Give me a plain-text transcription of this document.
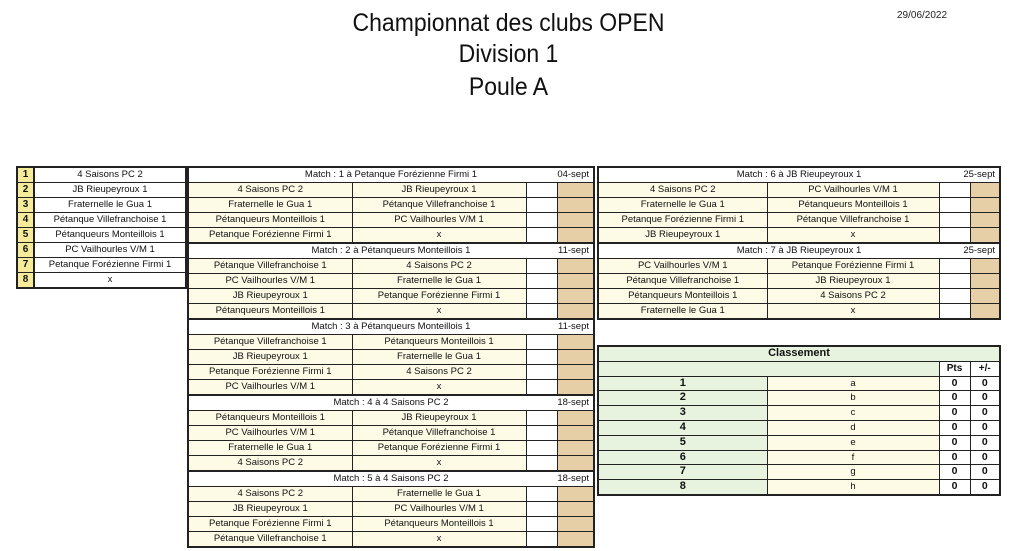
Championnat des clubs OPEN
Division 1
Poule A
29/06/2022
1	4 Saisons PC 2
2	JB Rieupeyroux 1
3	Fraternelle le Gua 1
4	Pétanque Villefranchoise 1
5	Pétanqueurs Monteillois 1
6	PC Vailhourles V/M 1
7	Petanque Forézienne Firmi 1
8	x
Match : 1 à Petanque Forézienne Firmi 1 04-sept			

4 Saisons PC 2	JB Rieupeyroux 1		
Fraternelle le Gua 1	Pétanque Villefranchoise 1		
Pétanqueurs Monteillois 1	PC Vailhourles V/M 1		
Petanque Forézienne Firmi 1	x		
Match : 2 à Pétanqueurs Monteillois 1 11-sept			

Pétanque Villefranchoise 1	4 Saisons PC 2		
PC Vailhourles V/M 1	Fraternelle le Gua 1		
JB Rieupeyroux 1	Petanque Forézienne Firmi 1		
Pétanqueurs Monteillois 1	x		
Match : 3 à Pétanqueurs Monteillois 1 11-sept			

Pétanque Villefranchoise 1	Pétanqueurs Monteillois 1		
JB Rieupeyroux 1	Fraternelle le Gua 1		
Petanque Forézienne Firmi 1	4 Saisons PC 2		
PC Vailhourles V/M 1	x		
Match : 4 à 4 Saisons PC 2 18-sept			

Pétanqueurs Monteillois 1	JB Rieupeyroux 1		
PC Vailhourles V/M 1	Pétanque Villefranchoise 1		
Fraternelle le Gua 1	Petanque Forézienne Firmi 1		
4 Saisons PC 2	x		
Match : 5 à 4 Saisons PC 2 18-sept			

4 Saisons PC 2	Fraternelle le Gua 1		
JB Rieupeyroux 1	PC Vailhourles V/M 1		
Petanque Forézienne Firmi 1	Pétanqueurs Monteillois 1		
Pétanque Villefranchoise 1	x		
Match : 6 à JB Rieupeyroux 1 25-sept			

4 Saisons PC 2	PC Vailhourles V/M 1		
Fraternelle le Gua 1	Pétanqueurs Monteillois 1		
Petanque Forézienne Firmi 1	Pétanque Villefranchoise 1		
JB Rieupeyroux 1	x		
Match : 7 à JB Rieupeyroux 1 25-sept			

PC Vailhourles V/M 1	Petanque Forézienne Firmi 1		
Pétanque Villefranchoise 1	JB Rieupeyroux 1		
Pétanqueurs Monteillois 1	4 Saisons PC 2		
Fraternelle le Gua 1	x		
Classement			
		Pts	+/-
1	a	0	0
2	b	0	0
3	c	0	0
4	d	0	0
5	e	0	0
6	f	0	0
7	g	0	0
8	h	0	0
